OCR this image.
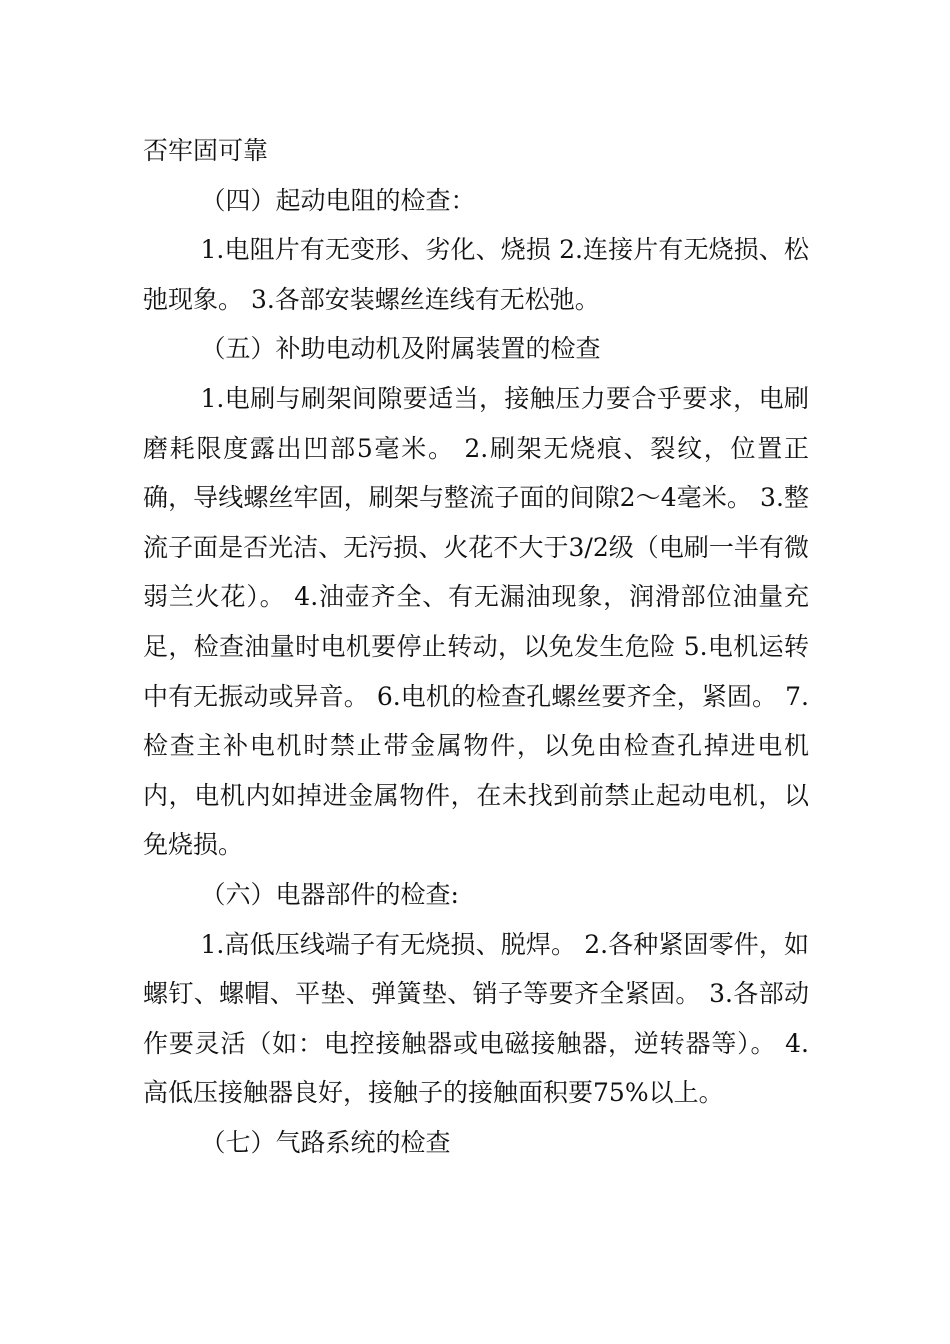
否牢固可靠

（四）起动电阻的检查：

1.电阻片有无变形、劣化、烧损 2.连接片有无烧损、松弛现象。 3.各部安装螺丝连线有无松弛。

（五）补助电动机及附属装置的检查

1.电刷与刷架间隙要适当，接触压力要合乎要求，电刷磨耗限度露出凹部5毫米。 2.刷架无烧痕、裂纹，位置正确，导线螺丝牢固，刷架与整流子面的间隙2～4毫米。 3.整流子面是否光洁、无污损、火花不大于3/2级（电刷一半有微弱兰火花）。 4.油壶齐全、有无漏油现象，润滑部位油量充足，检查油量时电机要停止转动，以免发生危险 5.电机运转中有无振动或异音。 6.电机的检查孔螺丝要齐全，紧固。 7.检查主补电机时禁止带金属物件，以免由检查孔掉进电机内，电机内如掉进金属物件，在未找到前禁止起动电机，以免烧损。

（六）电器部件的检查:

1.高低压线端子有无烧损、脱焊。 2.各种紧固零件，如螺钉、螺帽、平垫、弹簧垫、销子等要齐全紧固。 3.各部动作要灵活（如：电控接触器或电磁接触器，逆转器等）。 4.高低压接触器良好，接触子的接触面积要75%以上。

（七）气路系统的检查
